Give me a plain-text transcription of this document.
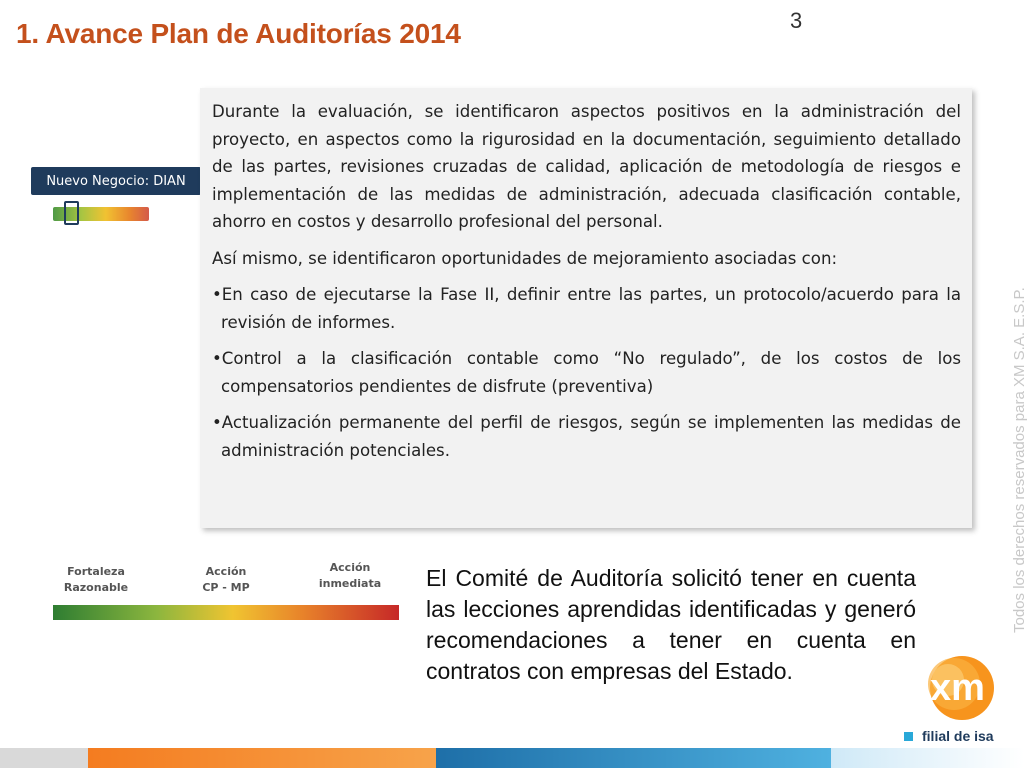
1. Avance Plan de Auditorías 2014	3
Nuevo Negocio: DIAN

Durante la evaluación, se identificaron aspectos positivos en la administración del proyecto, en aspectos como la rigurosidad en la documentación, seguimiento detallado de las partes, revisiones cruzadas de calidad, aplicación de metodología de riesgos e implementación de las medidas de administración, adecuada clasificación contable, ahorro en costos y desarrollo profesional del personal.

Así mismo, se identificaron oportunidades de mejoramiento asociadas con:

•En caso de ejecutarse la Fase II, definir entre las partes, un protocolo/acuerdo para la revisión de informes.

•Control a la clasificación contable como “No regulado”, de los costos de los compensatorios pendientes de disfrute (preventiva)

•Actualización permanente del perfil de riesgos, según se implementen las medidas de administración potenciales.

Fortaleza
Razonable
Acción
CP - MP
Acción
inmediata	El Comité de Auditoría solicitó tener en cuenta las lecciones aprendidas identificadas y generó recomendaciones a tener en cuenta en contratos con empresas del Estado.
Todos los derechos reservados para XM S.A. E.S.P.
xm
filial de isa
